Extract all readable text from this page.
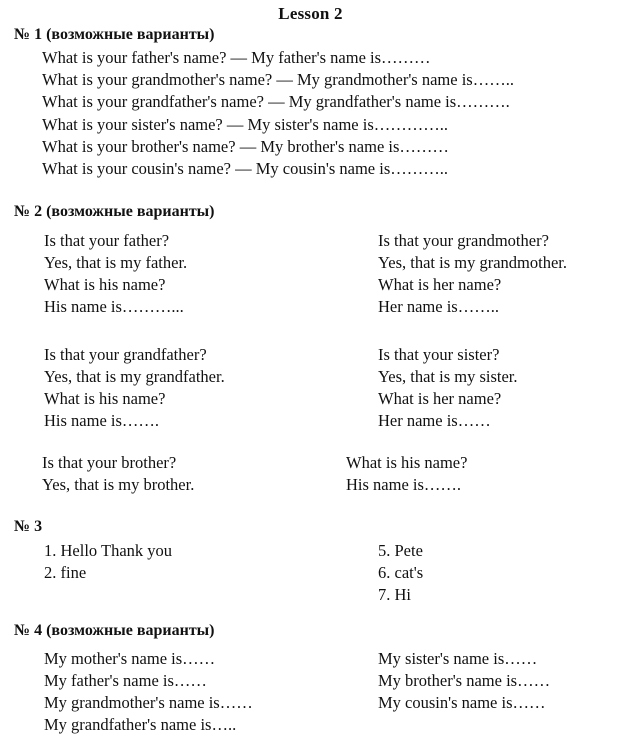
Lesson 2
№ 1 (возможные варианты)
What is your father's name? — My father's name is………
What is your grandmother's name? — My grandmother's name is……..
What is your grandfather's name? — My grandfather's name is……….
What is your sister's name? — My sister's name is…………..
What is your brother's name? — My brother's name is………
What is your cousin's name? — My cousin's name is………..
№ 2 (возможные варианты)
Is that your father?
Yes, that is my father.
What is his name?
His name is………...
Is that your grandmother?
Yes, that is my grandmother.
What is her name?
Her name is……..
Is that your grandfather?
Yes, that is my grandfather.
What is his name?
His name is…….
Is that your sister?
Yes, that is my sister.
What is her name?
Her name is……
Is that your brother?
Yes, that is my brother.
What is his name?
His name is…….
№ 3
1. Hello Thank you
2. fine
5. Pete
6. cat's
7. Hi
№ 4 (возможные варианты)
My mother's name is……
My father's name is……
My grandmother's name is……
My grandfather's name is…..
My sister's name is……
My brother's name is……
My cousin's name is……
